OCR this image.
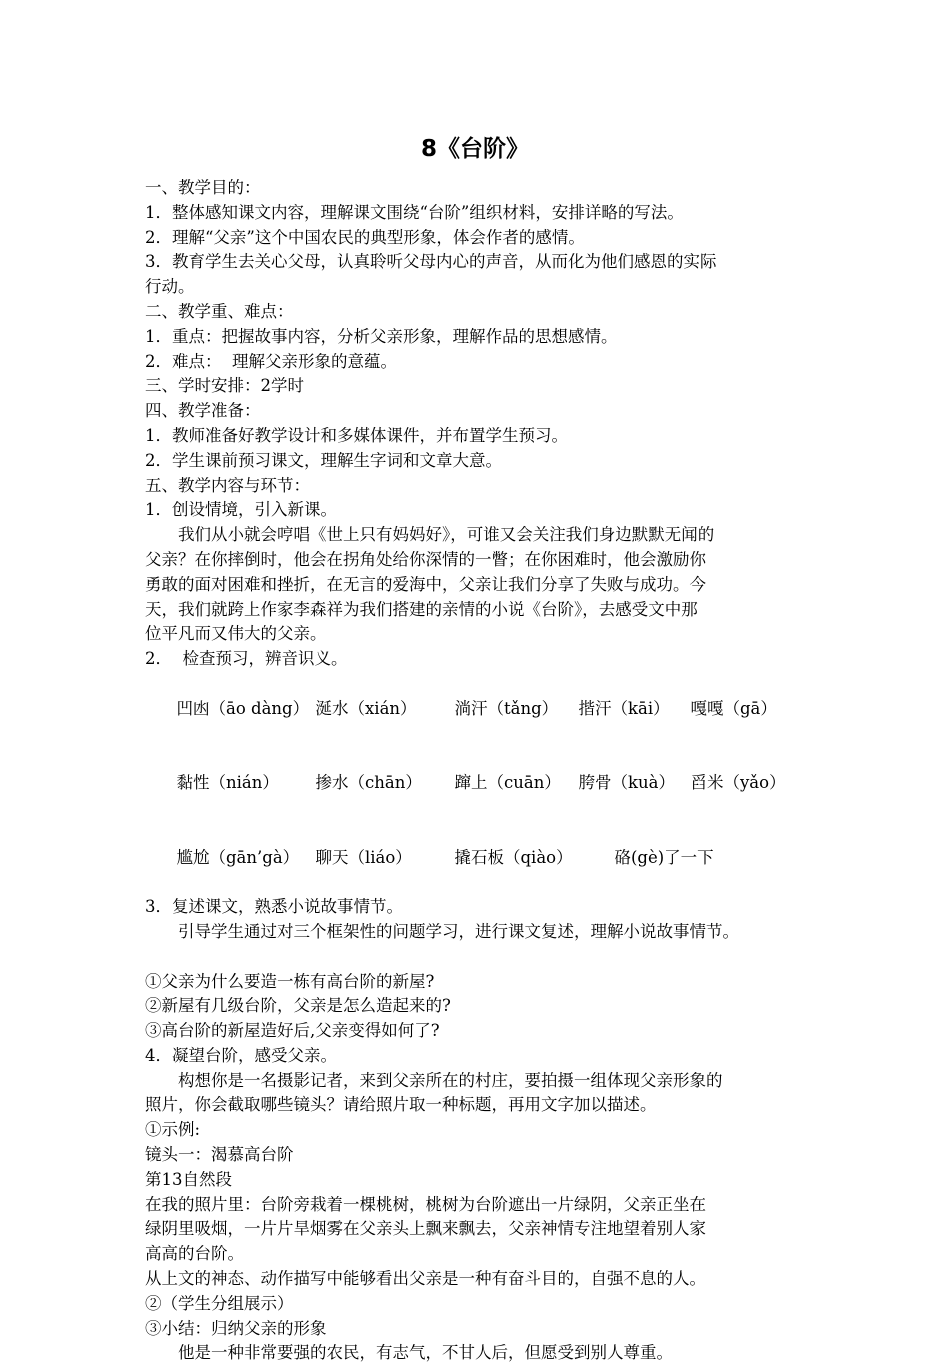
8《台阶》

一、教学目的：

1．整体感知课文内容，理解课文围绕“台阶”组织材料，安排详略的写法。

2．理解“父亲”这个中国农民的典型形象，体会作者的感情。

3．教育学生去关心父母，认真聆听父母内心的声音，从而化为他们感恩的实际

行动。

二、教学重、难点：

1．重点：把握故事内容，分析父亲形象，理解作品的思想感情。

2．难点：  理解父亲形象的意蕴。

三、学时安排：2学时

四、教学准备：

1．教师准备好教学设计和多媒体课件，并布置学生预习。

2．学生课前预习课文，理解生字词和文章大意。

五、教学内容与环节：

1．创设情境，引入新课。

我们从小就会哼唱《世上只有妈妈好》，可谁又会关注我们身边默默无闻的

父亲？在你摔倒时，他会在拐角处给你深情的一瞥；在你困难时，他会激励你

勇敢的面对困难和挫折，在无言的爱海中，父亲让我们分享了失败与成功。今

天，我们就跨上作家李森祥为我们搭建的亲情的小说《台阶》，去感受文中那

位平凡而又伟大的父亲。

2．  检查预习，辨音识义。

凹凼（āo dàng） 涎水（xián） 淌汗（tǎng） 揩汗（kāi） 嘎嘎（gā）

黏性（nián） 掺水（chān） 蹿上（cuān） 胯骨（kuà） 舀米（yǎo）

尴尬（gān’gà） 聊天（liáo）	撬石板（qiào）	硌(gè)了一下

3．复述课文，熟悉小说故事情节。

引导学生通过对三个框架性的问题学习，进行课文复述，理解小说故事情节。

①父亲为什么要造一栋有高台阶的新屋?

②新屋有几级台阶，父亲是怎么造起来的?

③高台阶的新屋造好后,父亲变得如何了?

4．凝望台阶，感受父亲。

构想你是一名摄影记者，来到父亲所在的村庄，要拍摄一组体现父亲形象的

照片，你会截取哪些镜头？请给照片取一种标题，再用文字加以描述。

①示例:

镜头一：渴慕高台阶

第13自然段

在我的照片里：台阶旁栽着一棵桃树，桃树为台阶遮出一片绿阴，父亲正坐在

绿阴里吸烟，一片片旱烟雾在父亲头上飘来飘去，父亲神情专注地望着别人家

高高的台阶。

从上文的神态、动作描写中能够看出父亲是一种有奋斗目的，自强不息的人。

②（学生分组展示）

③小结：归纳父亲的形象

他是一种非常要强的农民，有志气，不甘人后，但愿受到别人尊重。
